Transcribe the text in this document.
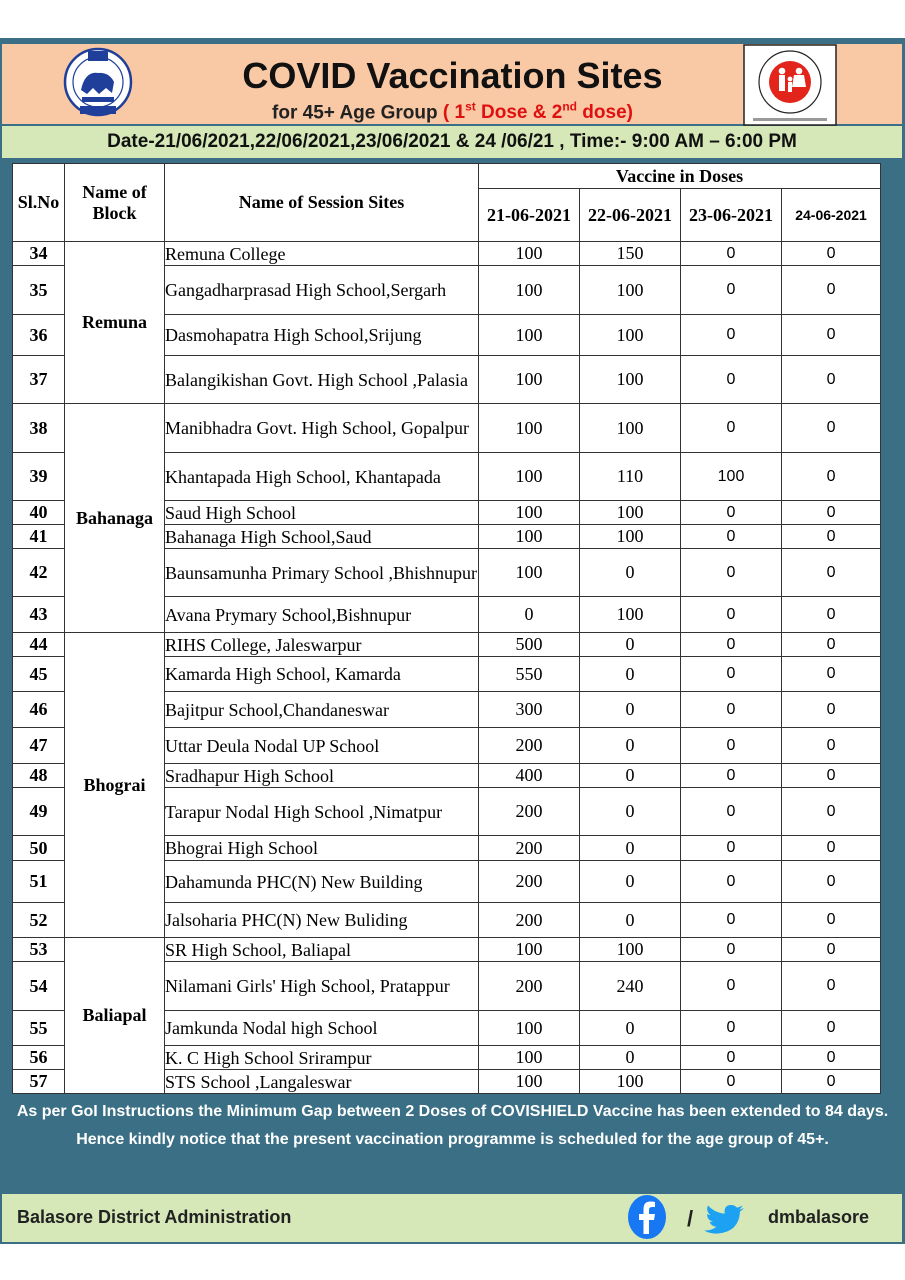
COVID Vaccination Sites
for 45+ Age Group ( 1st Dose & 2nd dose)
Date-21/06/2021,22/06/2021,23/06/2021 & 24 /06/21 , Time:- 9:00 AM – 6:00 PM
Sl.No	Name of Block	Name of Session Sites	Vaccine in Doses			
			21-06-2021	22-06-2021	23-06-2021	24-06-2021
34	Remuna	Remuna College	100	150	0	0
35		Gangadharprasad High School,Sergarh	100	100	0	0
36		Dasmohapatra High School,Srijung	100	100	0	0
37		Balangikishan Govt. High School ,Palasia	100	100	0	0
38	Bahanaga	Manibhadra Govt. High School, Gopalpur	100	100	0	0
39		Khantapada High School, Khantapada	100	110	100	0
40		Saud High School	100	100	0	0
41		Bahanaga High School,Saud	100	100	0	0
42		Baunsamunha Primary School ,Bhishnupur	100	0	0	0
43		Avana Prymary School,Bishnupur	0	100	0	0
44	Bhograi	RIHS College, Jaleswarpur	500	0	0	0
45		Kamarda High School, Kamarda	550	0	0	0
46		Bajitpur School,Chandaneswar	300	0	0	0
47		Uttar Deula Nodal UP School	200	0	0	0
48		Sradhapur High School	400	0	0	0
49		Tarapur Nodal High School ,Nimatpur	200	0	0	0
50		Bhograi High School	200	0	0	0
51		Dahamunda PHC(N) New Building	200	0	0	0
52		Jalsoharia PHC(N) New Buliding	200	0	0	0
53	Baliapal	SR High School, Baliapal	100	100	0	0
54		Nilamani Girls' High School, Pratappur	200	240	0	0
55		Jamkunda Nodal high School	100	0	0	0
56		K. C High School Srirampur	100	0	0	0
57		STS School ,Langaleswar	100	100	0	0

As per GoI Instructions the Minimum Gap between 2 Doses of COVISHIELD Vaccine has been extended to 84 days.

Hence kindly notice that the present vaccination programme is scheduled for the age group of 45+.

Balasore District Administration	/	dmbalasore
